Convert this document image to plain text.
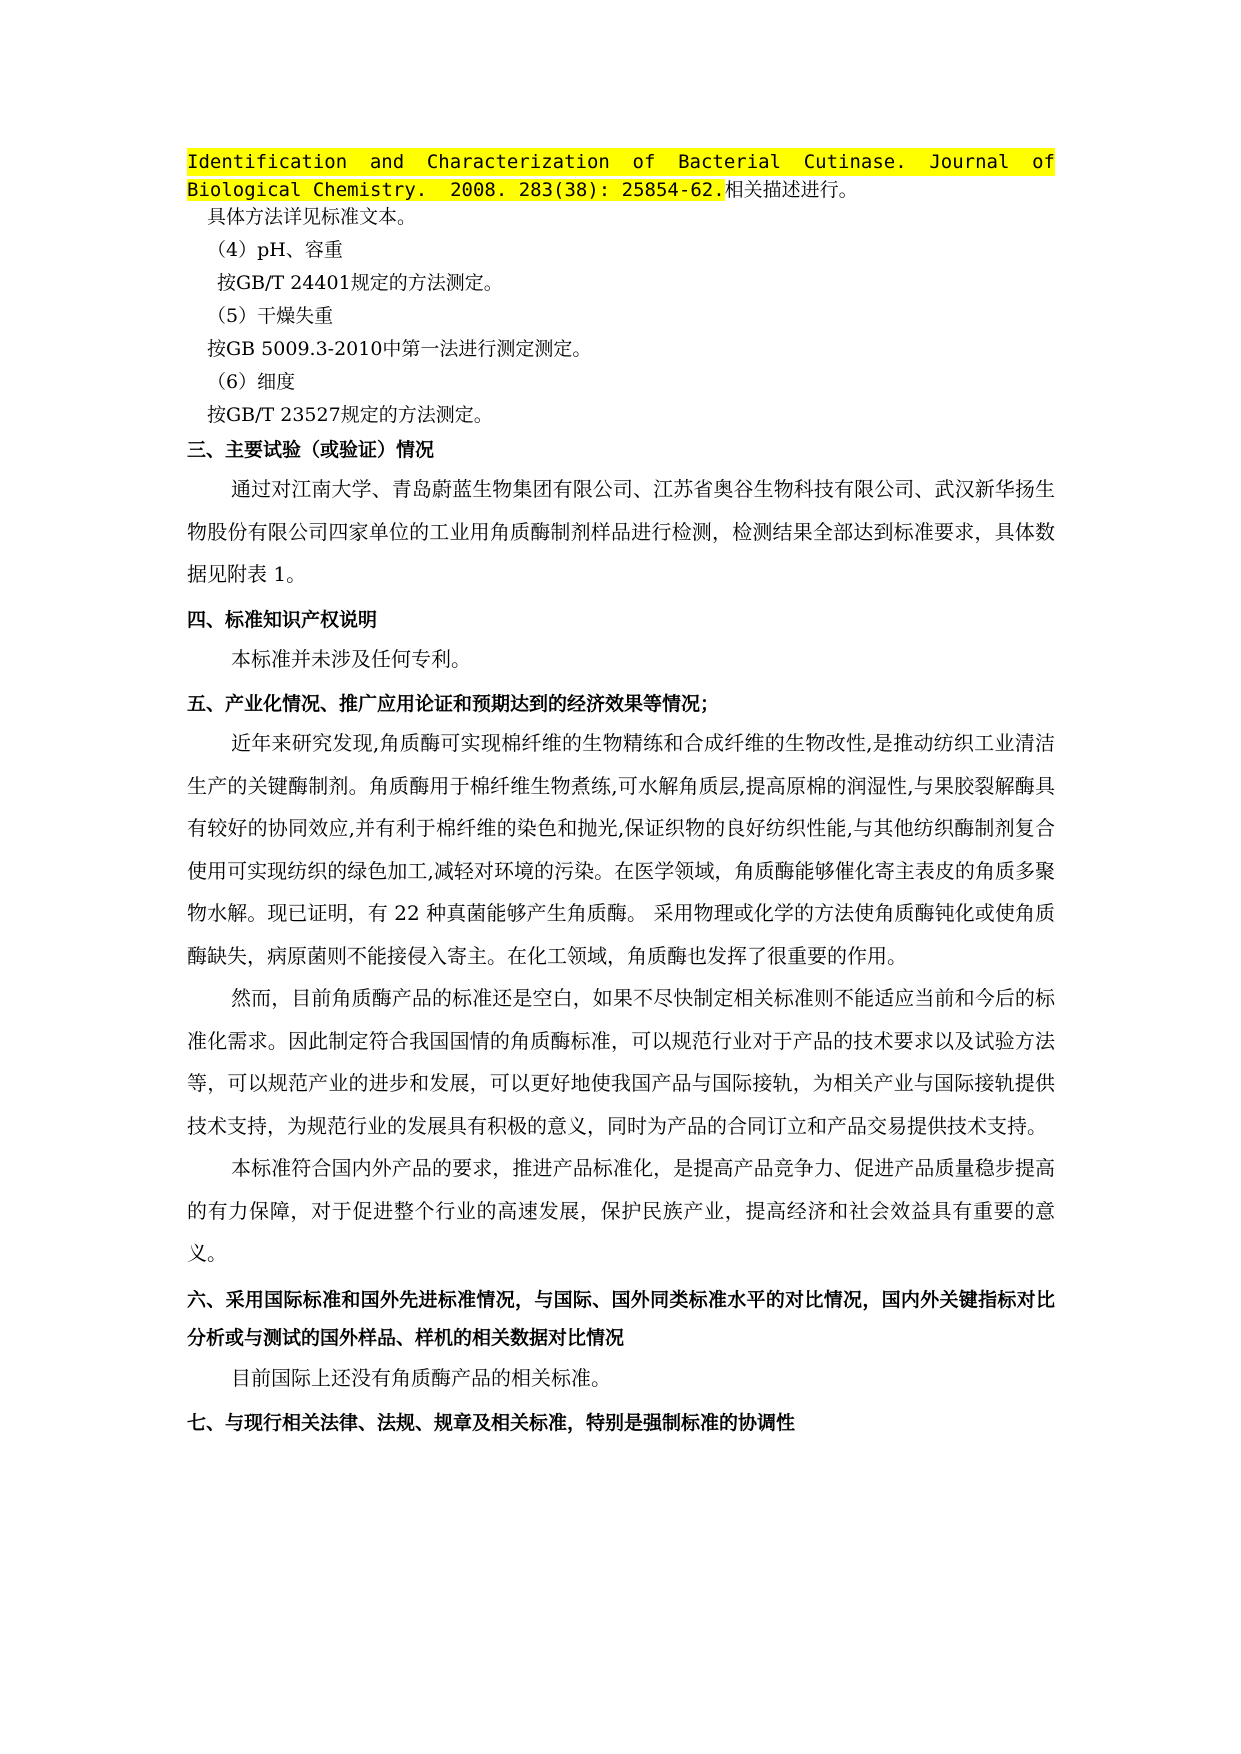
Identification and Characterization of Bacterial Cutinase. Journal of
Biological Chemistry.  2008. 283(38): 25854-62.相关描述进行。
具体方法详见标准文本。
（4）pH、容重
按GB/T 24401规定的方法测定。
（5）干燥失重
按GB 5009.3-2010中第一法进行测定测定。
（6）细度
按GB/T 23527规定的方法测定。
三、主要试验（或验证）情况

通过对江南大学、青岛蔚蓝生物集团有限公司、江苏省奥谷生物科技有限公司、武汉新华扬生物股份有限公司四家单位的工业用角质酶制剂样品进行检测，检测结果全部达到标准要求，具体数据见附表 1。

四、标准知识产权说明

本标准并未涉及任何专利。

五、产业化情况、推广应用论证和预期达到的经济效果等情况；

近年来研究发现,角质酶可实现棉纤维的生物精练和合成纤维的生物改性,是推动纺织工业清洁生产的关键酶制剂。角质酶用于棉纤维生物煮练,可水解角质层,提高原棉的润湿性,与果胶裂解酶具有较好的协同效应,并有利于棉纤维的染色和抛光,保证织物的良好纺织性能,与其他纺织酶制剂复合使用可实现纺织的绿色加工,减轻对环境的污染。在医学领域，角质酶能够催化寄主表皮的角质多聚物水解。现已证明，有 22 种真菌能够产生角质酶。 采用物理或化学的方法使角质酶钝化或使角质酶缺失，病原菌则不能接侵入寄主。在化工领域，角质酶也发挥了很重要的作用。

然而，目前角质酶产品的标准还是空白，如果不尽快制定相关标准则不能适应当前和今后的标准化需求。因此制定符合我国国情的角质酶标准，可以规范行业对于产品的技术要求以及试验方法等，可以规范产业的进步和发展，可以更好地使我国产品与国际接轨，为相关产业与国际接轨提供技术支持，为规范行业的发展具有积极的意义，同时为产品的合同订立和产品交易提供技术支持。

本标准符合国内外产品的要求，推进产品标准化，是提高产品竞争力、促进产品质量稳步提高的有力保障，对于促进整个行业的高速发展，保护民族产业，提高经济和社会效益具有重要的意义。

六、采用国际标准和国外先进标准情况，与国际、国外同类标准水平的对比情况，国内外关键指标对比分析或与测试的国外样品、样机的相关数据对比情况

目前国际上还没有角质酶产品的相关标准。

七、与现行相关法律、法规、规章及相关标准，特别是强制标准的协调性
